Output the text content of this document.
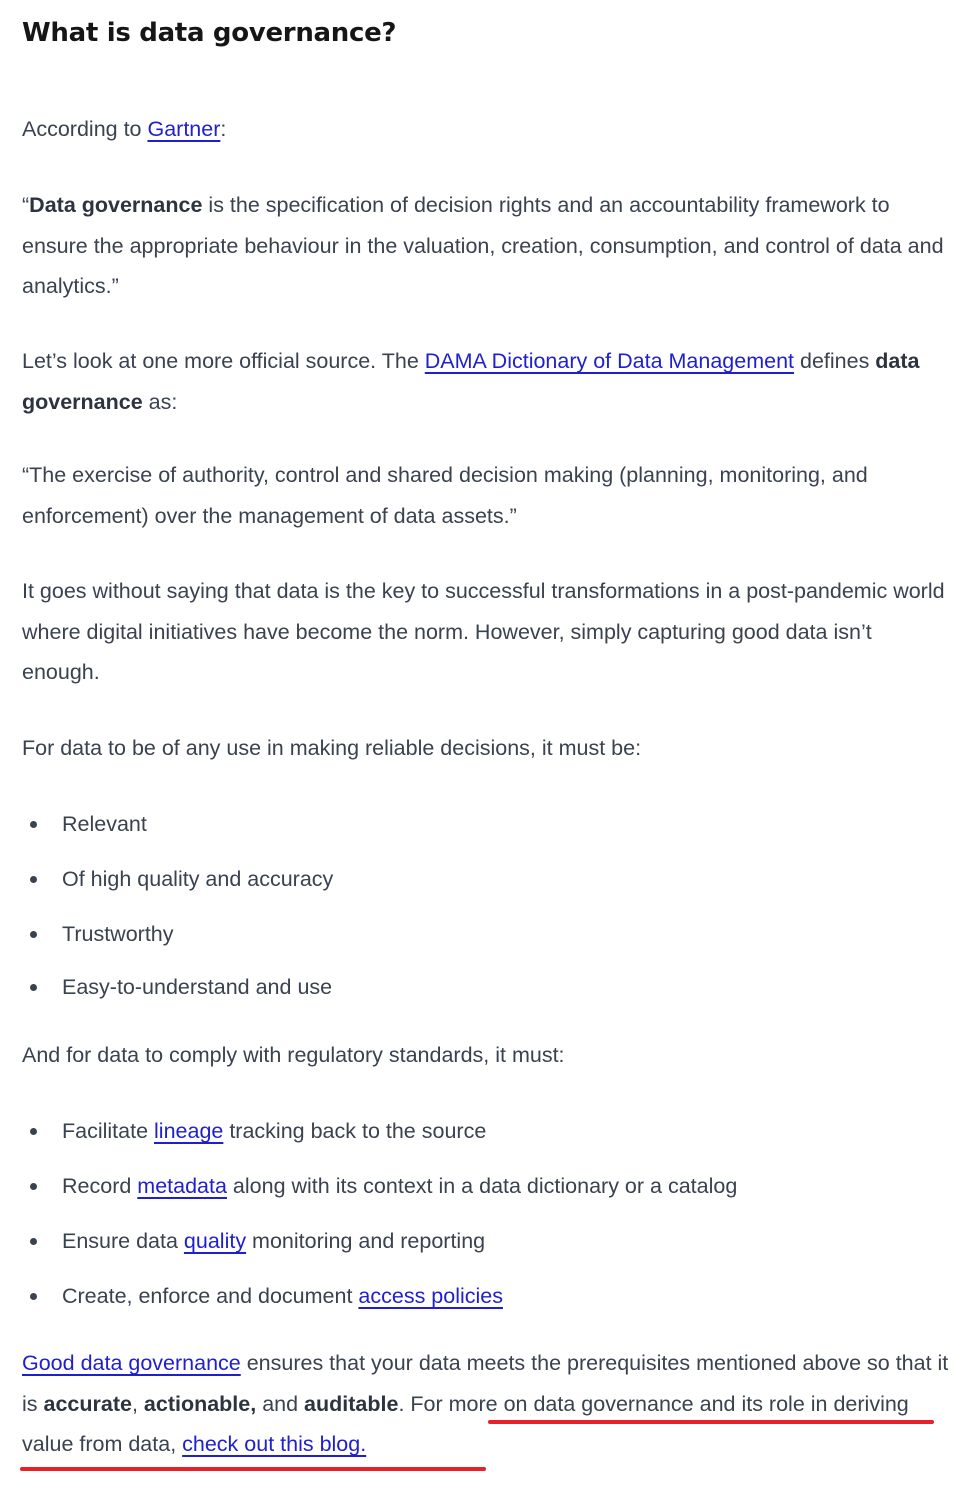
What is data governance?

According to Gartner:

“Data governance is the specification of decision rights and an accountability framework to ensure the appropriate behaviour in the valuation, creation, consumption, and control of data and analytics.”

Let’s look at one more official source. The DAMA Dictionary of Data Management defines data governance as:

“The exercise of authority, control and shared decision making (planning, monitoring, and enforcement) over the management of data assets.”

It goes without saying that data is the key to successful transformations in a post-pandemic world where digital initiatives have become the norm. However, simply capturing good data isn’t enough.

For data to be of any use in making reliable decisions, it must be:

Relevant
Of high quality and accuracy
Trustworthy
Easy-to-understand and use

And for data to comply with regulatory standards, it must:

Facilitate lineage tracking back to the source
Record metadata along with its context in a data dictionary or a catalog
Ensure data quality monitoring and reporting
Create, enforce and document access policies

Good data governance ensures that your data meets the prerequisites mentioned above so that it is accurate, actionable, and auditable. For more on data governance and its role in deriving value from data, check out this blog.
